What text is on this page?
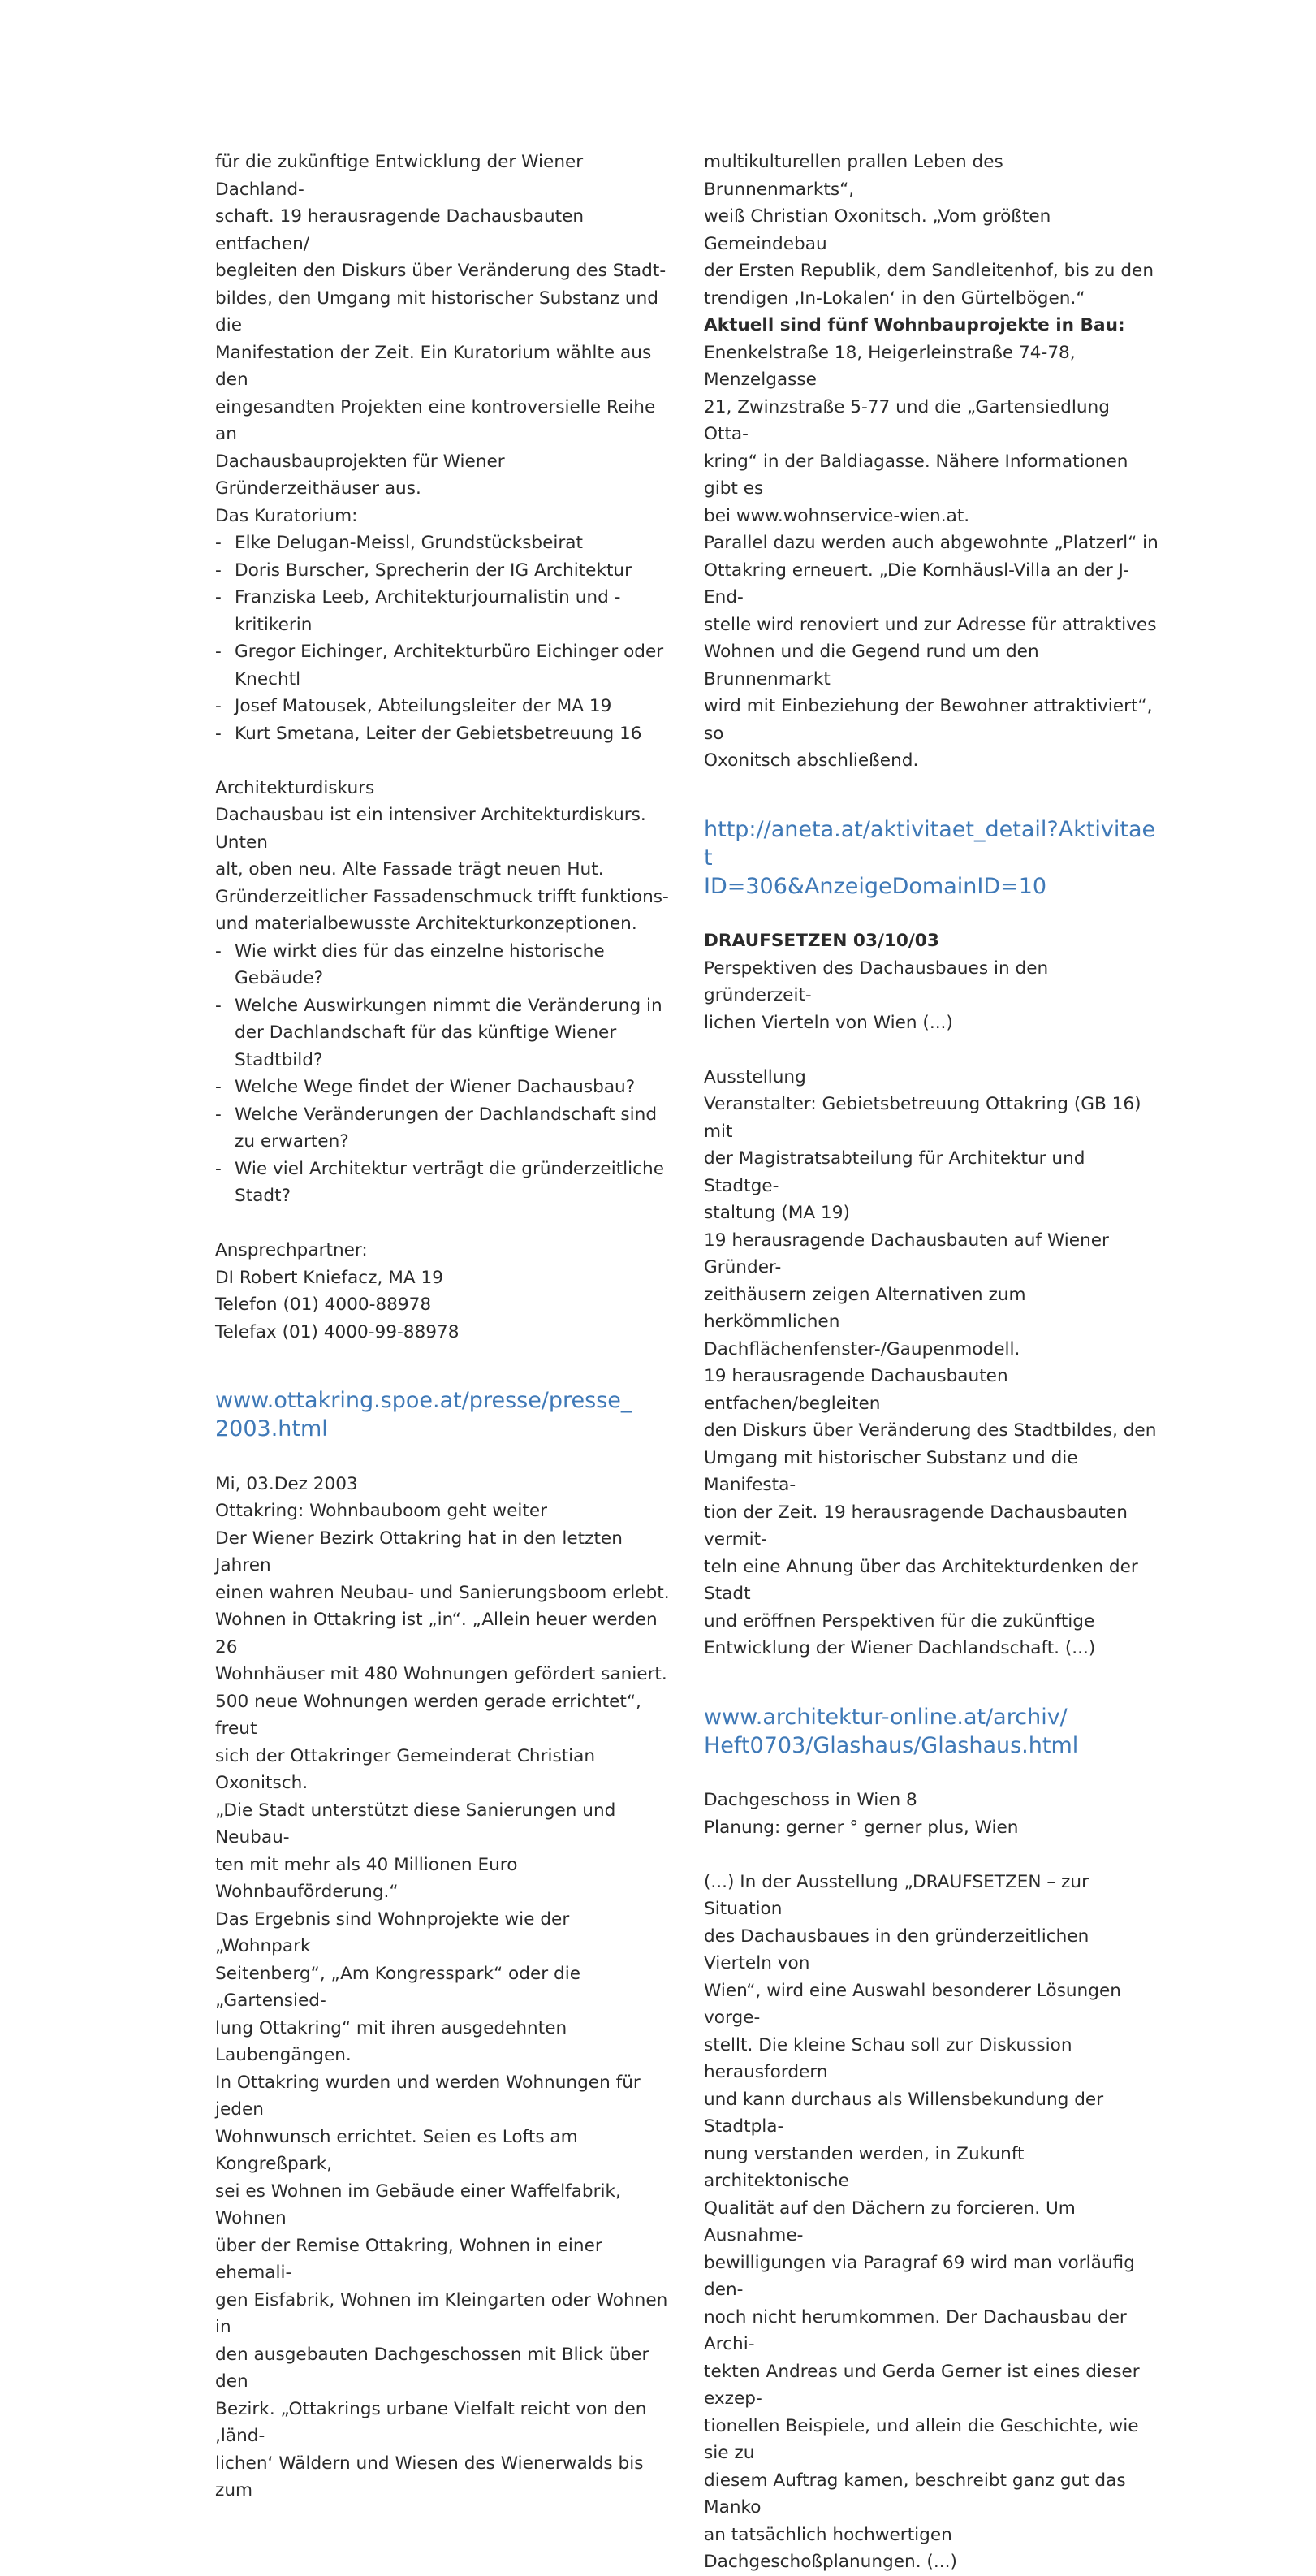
für die zukünftige Entwicklung der Wiener Dachland-

schaft. 19 herausragende Dachausbauten entfachen/

begleiten den Diskurs über Veränderung des Stadt-

bildes, den Umgang mit historischer Substanz und die

Manifestation der Zeit. Ein Kuratorium wählte aus den

eingesandten Projekten eine kontroversielle Reihe an

Dachausbauprojekten für Wiener Gründerzeithäuser aus.

Das Kuratorium:

- Elke Delugan-Meissl, Grundstücksbeirat
- Doris Burscher, Sprecherin der IG Architektur
- Franziska Leeb, Architekturjournalistin und -kritikerin
- Gregor Eichinger, Architekturbüro Eichinger oder Knechtl
- Josef Matousek, Abteilungsleiter der MA 19
- Kurt Smetana, Leiter der Gebietsbetreuung 16

Architekturdiskurs

Dachausbau ist ein intensiver Architekturdiskurs. Unten

alt, oben neu. Alte Fassade trägt neuen Hut.

Gründerzeitlicher Fassadenschmuck trifft funktions-

und materialbewusste Architekturkonzeptionen.

- Wie wirkt dies für das einzelne historische Gebäude?
- Welche Auswirkungen nimmt die Veränderung in der Dachlandschaft für das künftige Wiener Stadtbild?
- Welche Wege findet der Wiener Dachausbau?
- Welche Veränderungen der Dachlandschaft sind zu erwarten?
- Wie viel Architektur verträgt die gründerzeitliche Stadt?

Ansprechpartner:

DI Robert Kniefacz, MA 19

Telefon (01) 4000-88978

Telefax (01) 4000-99-88978

www.ottakring.spoe.at/presse/presse_
2003.html

Mi, 03.Dez 2003

Ottakring: Wohnbauboom geht weiter

Der Wiener Bezirk Ottakring hat in den letzten Jahren

einen wahren Neubau- und Sanierungsboom erlebt.

Wohnen in Ottakring ist „in“. „Allein heuer werden 26

Wohnhäuser mit 480 Wohnungen gefördert saniert.

500 neue Wohnungen werden gerade errichtet“, freut

sich der Ottakringer Gemeinderat Christian Oxonitsch.

„Die Stadt unterstützt diese Sanierungen und Neubau-

ten mit mehr als 40 Millionen Euro Wohnbauförderung.“

Das Ergebnis sind Wohnprojekte wie der „Wohnpark

Seitenberg“, „Am Kongresspark“ oder die „Gartensied-

lung Ottakring“ mit ihren ausgedehnten Laubengängen.

In Ottakring wurden und werden Wohnungen für jeden

Wohnwunsch errichtet. Seien es Lofts am Kongreßpark,

sei es Wohnen im Gebäude einer Waffelfabrik, Wohnen

über der Remise Ottakring, Wohnen in einer ehemali-

gen Eisfabrik, Wohnen im Kleingarten oder Wohnen in

den ausgebauten Dachgeschossen mit Blick über den

Bezirk. „Ottakrings urbane Vielfalt reicht von den ‚länd-

lichen‘ Wäldern und Wiesen des Wienerwalds bis zum

multikulturellen prallen Leben des Brunnenmarkts“,

weiß Christian Oxonitsch. „Vom größten Gemeindebau

der Ersten Republik, dem Sandleitenhof, bis zu den

trendigen ‚In-Lokalen‘ in den Gürtelbögen.“

Aktuell sind fünf Wohnbauprojekte in Bau:

Enenkelstraße 18, Heigerleinstraße 74-78, Menzelgasse

21, Zwinzstraße 5-77 und die „Gartensiedlung Otta-

kring“ in der Baldiagasse. Nähere Informationen gibt es

bei www.wohnservice-wien.at.

Parallel dazu werden auch abgewohnte „Platzerl“ in

Ottakring erneuert. „Die Kornhäusl-Villa an der J-End-

stelle wird renoviert und zur Adresse für attraktives

Wohnen und die Gegend rund um den Brunnenmarkt

wird mit Einbeziehung der Bewohner attraktiviert“, so

Oxonitsch abschließend.

http://aneta.at/aktivitaet_detail?Aktivitaet
ID=306&AnzeigeDomainID=10

DRAUFSETZEN 03/10/03

Perspektiven des Dachausbaues in den gründerzeit-

lichen Vierteln von Wien (...)

Ausstellung

Veranstalter: Gebietsbetreuung Ottakring (GB 16) mit

der Magistratsabteilung für Architektur und Stadtge-

staltung (MA 19)

19 herausragende Dachausbauten auf Wiener Gründer-

zeithäusern zeigen Alternativen zum herkömmlichen

Dachflächenfenster-/Gaupenmodell.

19 herausragende Dachausbauten entfachen/begleiten

den Diskurs über Veränderung des Stadtbildes, den

Umgang mit historischer Substanz und die Manifesta-

tion der Zeit. 19 herausragende Dachausbauten vermit-

teln eine Ahnung über das Architekturdenken der Stadt

und eröffnen Perspektiven für die zukünftige

Entwicklung der Wiener Dachlandschaft. (...)

www.architektur-online.at/archiv/
Heft0703/Glashaus/Glashaus.html

Dachgeschoss in Wien 8

Planung: gerner ° gerner plus, Wien

(...) In der Ausstellung „DRAUFSETZEN – zur Situation

des Dachausbaues in den gründerzeitlichen Vierteln von

Wien“, wird eine Auswahl besonderer Lösungen vorge-

stellt. Die kleine Schau soll zur Diskussion herausfordern

und kann durchaus als Willensbekundung der Stadtpla-

nung verstanden werden, in Zukunft architektonische

Qualität auf den Dächern zu forcieren. Um Ausnahme-

bewilligungen via Paragraf 69 wird man vorläufig den-

noch nicht herumkommen. Der Dachausbau der Archi-

tekten Andreas und Gerda Gerner ist eines dieser exzep-

tionellen Beispiele, und allein die Geschichte, wie sie zu

diesem Auftrag kamen, beschreibt ganz gut das Manko

an tatsächlich hochwertigen Dachgeschoßplanungen. (...)
